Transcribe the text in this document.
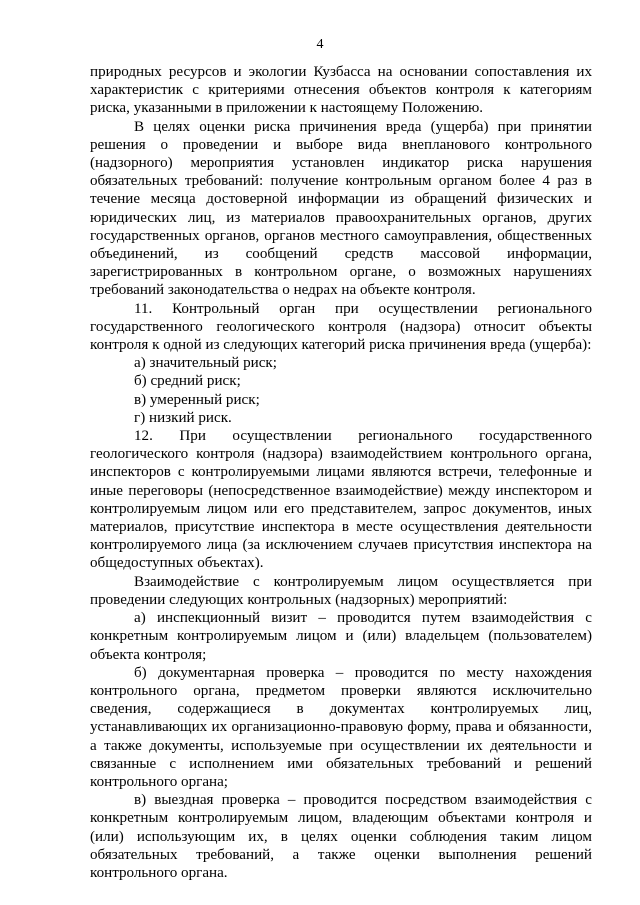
4

природных ресурсов и экологии Кузбасса на основании сопоставления их характеристик с критериями отнесения объектов контроля к категориям риска, указанными в приложении к настоящему Положению.

В целях оценки риска причинения вреда (ущерба) при принятии решения о проведении и выборе вида внепланового контрольного (надзорного) мероприятия установлен индикатор риска нарушения обязательных требований: получение контрольным органом более 4 раз в течение месяца достоверной информации из обращений физических и юридических лиц, из материалов правоохранительных органов, других государственных органов, органов местного самоуправления, общественных объединений, из сообщений средств массовой информации, зарегистрированных в контрольном органе, о возможных нарушениях требований законодательства о недрах на объекте контроля.

11. Контрольный орган при осуществлении регионального государственного геологического контроля (надзора) относит объекты контроля к одной из следующих категорий риска причинения вреда (ущерба):

а) значительный риск;

б) средний риск;

в) умеренный риск;

г) низкий риск.

12. При осуществлении регионального государственного геологического контроля (надзора) взаимодействием контрольного органа, инспекторов с контролируемыми лицами являются встречи, телефонные и иные переговоры (непосредственное взаимодействие) между инспектором и контролируемым лицом или его представителем, запрос документов, иных материалов, присутствие инспектора в месте осуществления деятельности контролируемого лица (за исключением случаев присутствия инспектора на общедоступных объектах).

Взаимодействие с контролируемым лицом осуществляется при проведении следующих контрольных (надзорных) мероприятий:

а) инспекционный визит – проводится путем взаимодействия с конкретным контролируемым лицом и (или) владельцем (пользователем) объекта контроля;

б) документарная проверка – проводится по месту нахождения контрольного органа, предметом проверки являются исключительно сведения, содержащиеся в документах контролируемых лиц, устанавливающих их организационно-правовую форму, права и обязанности, а также документы, используемые при осуществлении их деятельности и связанные с исполнением ими обязательных требований и решений контрольного органа;

в) выездная проверка – проводится посредством взаимодействия с конкретным контролируемым лицом, владеющим объектами контроля и (или) использующим их, в целях оценки соблюдения таким лицом обязательных требований, а также оценки выполнения решений контрольного органа.
